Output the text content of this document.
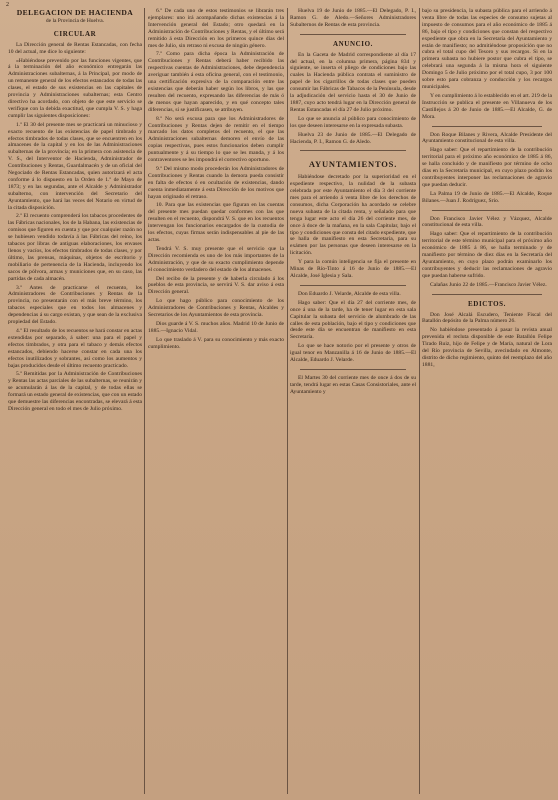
2
DELEGACION DE HACIENDA
de la Provincia de Huelva.
CIRCULAR

La Dirección general de Rentas Estancadas, con fecha 10 del actual, me dice lo siguiente:

«Habiéndose prevenido por las funciones vigentes, que á la terminación del año económico entregarán las Administraciones subalternas, á la Principal, por modo de un remanente general de los efectos estancados de todas las clases, el estado de sus existencias en las capitales de provincia y Administraciones subalternas; esta Centro directivo ha acordado, con objeto de que este servicio se verifique con la debida exactitud, que cumpla V. S. y haga cumplir las siguientes disposiciones:

1.º El 30 del presente mes se practicará un minucioso y exacto recuento de las existencias de papel timbrado y efectos timbrados de todas clases, que se encuentren en los almacenes de la capital y en los de las Administraciones subalternas de la provincia; en la primera con asistencia de V. S., del Interventor de Hacienda, Administrador de Contribuciones y Rentas, Guardalmacén y de un oficial del Negociado de Rentas Estancadas, quien autorizará el acta conforme á lo dispuesto en la Orden de 1.º de Mayo de 1873; y en las segundas, ante el Alcalde y Administrador subalterno, con intervención del Secretario del Ayuntamiento, que hará las veces del Notario en virtud de la citada disposición.

2.º El recuento comprenderá los tabacos procedentes de las Fábricas nacionales, los de la Habana, las existencias de comisos que figuren en cuenta y que por cualquier razón no se hubiesen vendido todavía á las Fábricas del reino, los tabacos por libras de antiguas elaboraciones, los envases llenos y vacíos, los efectos timbrados de todas clases, y por último, las prensas, máquinas, objetos de escritorio y mobiliario de pertenencia de la Hacienda, incluyendo los sacos de pólvora, armas y municiones que, en su caso, las partidas de cada almacén.

3.º Antes de practicarse el recuento, los Administradores de Contribuciones y Rentas de la provincia, no presentarán con el más breve término, los tabacos especiales que en todos los almacenes y dependencias á su cargo existan, y que sean de la exclusiva propiedad del Estado.

4.º El resultado de los recuentos se hará constar en actas extendidas por separado, á saber: una para el papel y efectos timbrados, y otra para el tabaco y demás efectos estancados, debiendo hacerse constar en cada una los efectos inutilizados y sobrantes, así como los aumentos y bajas producidos desde el último recuento practicado.

5.º Remitidas por la Administración de Contribuciones y Rentas las actas parciales de las subalternas, se reunirán y se acumularán á las de la capital, y de todas ellas se formará un estado general de existencias, que con un estado que demuestre las diferencias encontradas, se elevará á esta Dirección general en todo el mes de Julio próximo.

6.º De cada uno de estos testimonios se librarán tres ejemplares: uno irá acompañando dichas existencias á la Intervención general del Estado; otro quedará en la Administración de Contribuciones y Rentas, y el último será remitido á esta Dirección en los primeros quince días del mes de Julio, sin retraso ni excusa de ningún género.

7.º Como para dicha época la Administración de Contribuciones y Rentas deberá haber recibido las respectivas cuentas de Administraciones, debe dependencia averiguar también á esta oficina general, con el testimonio, una certificación expresiva de la comparación entre las existencias que deberán haber según los libros, y las que resulten del recuento, expresando las diferencias de más ó de menos que hayan aparecido, y en qué concepto tales diferencias, si se justificasen, se atribuyen.

8.º No será excusa para que los Administradores de Contribuciones y Rentas dejen de remitir en el tiempo marcado los datos completos del recuento, el que las Administraciones subalternas demoren el envío de las copias respectivas, pues estos funcionarios deben cumplir puntualmente y á su tiempo lo que se les manda, y á los contraventores se les impondrá el correctivo oportuno.

9.º Del mismo modo procederán los Administradores de Contribuciones y Rentas cuando la demora pueda consistir en falta de efectos ó en ocultación de existencias, dando cuenta inmediatamente á esta Dirección de los motivos que hayan originado el retraso.

10. Para que las existencias que figuran en las cuentas del presente mes puedan quedar conformes con las que resulten en el recuento, dispondrá V. S. que en los recuentos intervengan los funcionarios encargados de la custodia de los efectos, cuyas firmas serán indispensables al pie de las actas.

Tendrá V. S. muy presente que el servicio que la Dirección recomienda es uno de los más importantes de la Administración, y que de su exacto cumplimiento depende el conocimiento verdadero del estado de los almacenes.

Del recibo de la presente y de haberla circulado á los pueblos de esta provincia, se servirá V. S. dar aviso á esta Dirección general.

Lo que hago público para conocimiento de los Administradores de Contribuciones y Rentas, Alcaldes y Secretarios de los Ayuntamientos de esta provincia.

Dios guarde á V. S. muchos años. Madrid 10 de Junio de 1885.—Ignacio Vidal.

Lo que traslado á V. para su conocimiento y más exacto cumplimiento.

Huelva 19 de Junio de 1885.—El Delegado, P. I., Ramon G. de Aledo.—Señores Administradores Subalternos de Rentas de esta provincia.

ANUNCIO.

En la Gaceta de Madrid correspondiente al día 17 del actual, en la columna primera, página 834 y siguiente, se inserta el pliego de condiciones bajo las cuales la Hacienda pública contrata el suministro de papel de los cigarrillos de todas clases que pueden consumir las Fábricas de Tabacos de la Península, desde la adjudicación del servicio hasta el 30 de Junio de 1887, cuyo acto tendrá lugar en la Dirección general de Rentas Estancadas el día 27 de Julio próximo.

Lo que se anuncia al público para conocimiento de los que deseen interesarse en la expresada subasta.

Huelva 23 de Junio de 1885.—El Delegado de Hacienda, P. I., Ramon G. de Aledo.

AYUNTAMIENTOS.

Habiéndose decretado por la superioridad en el expediente respectivo, la nulidad de la subasta celebrada por este Ayuntamiento el día 3 del corriente mes para el arriendo á venta libre de los derechos de consumos, dicha Corporación ha acordado se celebre nueva subasta de la citada renta, y señalado para que tenga lugar este acto el día 26 del corriente mes, de once á doce de la mañana, en la sala Capitular, bajo el tipo y condiciones que consta del citado expediente, que se halla de manifiesto en esta Secretaría, para su exámen por las personas que deseen interesarse en la licitación.

Y para la común inteligencia se fija el presente en Minas de Río-Tinto á 16 de Junio de 1885.—El Alcalde, José Iglesia y Sala.

Don Eduardo J. Velarde, Alcalde de esta villa.

Hago saber: Que el día 27 del corriente mes, de once á una de la tarde, ha de tener lugar en esta sala Capitular la subasta del servicio de alumbrado de las calles de esta población, bajo el tipo y condiciones que desde este día se encuentran de manifiesto en esta Secretaría.

Lo que se hace notorio por el presente y otros de igual tenor en Manzanilla á 16 de Junio de 1885.—El Alcalde, Eduardo J. Velarde.

El Martes 30 del corriente mes de once á dos de su tarde, tendrá lugar en estas Casas Consistoriales, ante el Ayuntamiento y

bajo su presidencia, la subasta pública para el arriendo á venta libre de todas las especies de consumo sujetas al impuesto de consumos para el año económico de 1885 á 86, bajo el tipo y condiciones que constan del respectivo expediente que obra en la Secretaría del Ayuntamiento y están de manifiesto; no admitiéndose proposición que no cubra el total cupo del Tesoro y sus recargos. Si en la primera subasta no hubiere postor que cubra el tipo, se celebrará una segunda á la misma hora el siguiente Domingo 5 de Julio próximo por el total cupo, 3 por 100 sobre esto para cobranza y conducción y los recargos municipales.

Y en cumplimiento á lo establecido en el art. 219 de la Instrucción se publica el presente en Villanueva de los Castillejos á 20 de Junio de 1885.—El Alcalde, G. de Mora.

Don Roque Bilanes y Rivera, Alcalde Presidente del Ayuntamiento constitucional de esta villa.

Hago saber: Que el repartimiento de la contribución territorial para el próximo año económico de 1885 á 86, se halla concluido y de manifiesto por término de ocho días en la Secretaría municipal, en cuyo plazo podrán los contribuyentes interponer las reclamaciones de agravio que puedan deducir.

La Palma 19 de Junio de 1885.—El Alcalde, Roque Bilanes.—Juan J. Rodríguez, Srio.

Don Francisco Javier Vélez y Vázquez, Alcalde constitucional de esta villa.

Hago saber: Que el repartimiento de la contribución territorial de este término municipal para el próximo año económico de 1885 á 86, se halla terminado y de manifiesto por término de diez días en la Secretaría del Ayuntamiento, en cuyo plazo podrán examinarlo los contribuyentes y deducir las reclamaciones de agravio que puedan haberse sufrido.

Calañas Junio 22 de 1885.—Francisco Javier Vélez.

EDICTOS.

Don José Alcalá Escudero, Teniente Fiscal del Batallón depósito de la Palma número 26.

No habiéndose presentado á pasar la revista anual prevenida el recluta disponible de este Batallón Felipe Tirado Ruiz, hijo de Felipe y de María, natural de Lora del Río provincia de Sevilla, avecindado en Almonte, distrito de dicho regimiento, quinto del reemplazo del año 1881,
